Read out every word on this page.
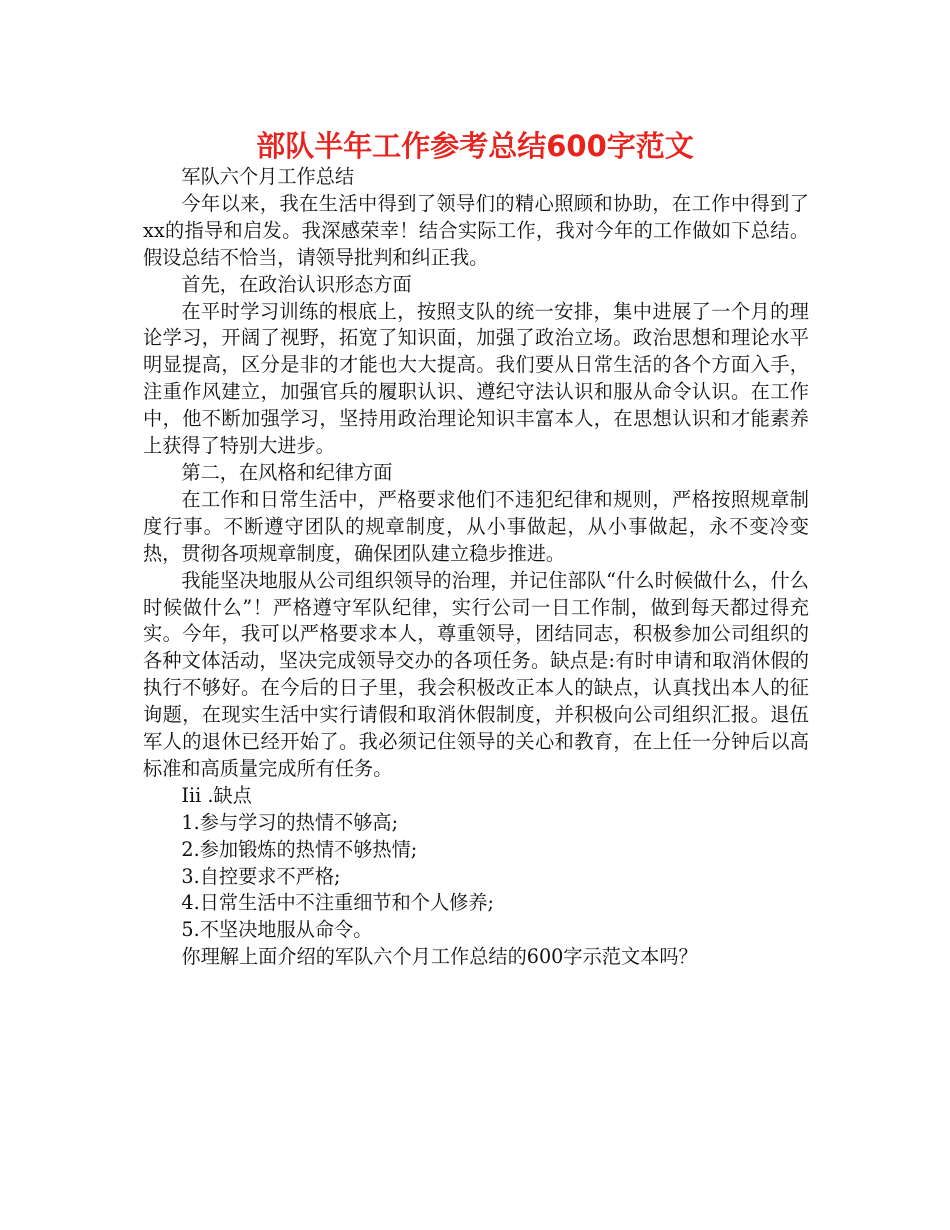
部队半年工作参考总结600字范文

军队六个月工作总结

今年以来，我在生活中得到了领导们的精心照顾和协助，在工作中得到了xx的指导和启发。我深感荣幸！结合实际工作，我对今年的工作做如下总结。假设总结不恰当，请领导批判和纠正我。

首先，在政治认识形态方面

在平时学习训练的根底上，按照支队的统一安排，集中进展了一个月的理论学习，开阔了视野，拓宽了知识面，加强了政治立场。政治思想和理论水平明显提高，区分是非的才能也大大提高。我们要从日常生活的各个方面入手，注重作风建立，加强官兵的履职认识、遵纪守法认识和服从命令认识。在工作中，他不断加强学习，坚持用政治理论知识丰富本人，在思想认识和才能素养上获得了特别大进步。

第二，在风格和纪律方面

在工作和日常生活中，严格要求他们不违犯纪律和规则，严格按照规章制度行事。不断遵守团队的规章制度，从小事做起，从小事做起，永不变冷变热，贯彻各项规章制度，确保团队建立稳步推进。

我能坚决地服从公司组织领导的治理，并记住部队“什么时候做什么，什么时候做什么”！严格遵守军队纪律，实行公司一日工作制，做到每天都过得充实。今年，我可以严格要求本人，尊重领导，团结同志，积极参加公司组织的各种文体活动，坚决完成领导交办的各项任务。缺点是:有时申请和取消休假的执行不够好。在今后的日子里，我会积极改正本人的缺点，认真找出本人的征询题，在现实生活中实行请假和取消休假制度，并积极向公司组织汇报。退伍军人的退休已经开始了。我必须记住领导的关心和教育，在上任一分钟后以高标准和高质量完成所有任务。

Iii .缺点

1.参与学习的热情不够高;

2.参加锻炼的热情不够热情;

3.自控要求不严格;

4.日常生活中不注重细节和个人修养;

5.不坚决地服从命令。

你理解上面介绍的军队六个月工作总结的600字示范文本吗？
